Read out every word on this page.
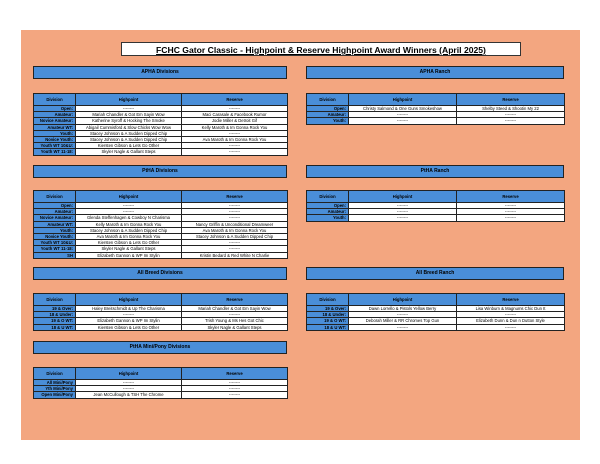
FCHC Gator Classic - Highpoint & Reserve Highpoint Award Winners (April 2025)
APHA Divisions
Division	Highpoint	Reserve
Open:	--------	--------
Amateur:	Mariah Chandler & Got Em Sayin Wow	Maci Carasale & Facebook Rumor
Novice Amateur:	Katherine Syroff & Hocking The Smoke	Jodie Miller & Detroit Gif
Amateur WT:	Abigail Cummisford & Slow Chicks Wow Wow	Kelly Maroth & Im Gonna Rock You
Youth:	Stacey Johnson & A Sudden Dipped Chip	--------
Novice Youth:	Stacey Johnson & A Sudden Dipped Chip	Ava Maroth & Im Gonna Rock You
Youth WT 10&U:	Kiersten Gibson & Lets Go Other	--------
Youth WT 11-18:	Skyler Nagle & Gallant Steps	--------
APHA Ranch
Division	Highpoint	Reserve
Open:	Christy Salmond & One Guns Smokeshow	Shelby Steed & Shootin My 22
Amateur:	--------	--------
Youth:	--------	--------
PtHA Divisions
Division	Highpoint	Reserve
Open:	--------	--------
Amateur:	--------	--------
Novice Amateur:	Glenda Steffenhagen & Cowboy N Charisma	--------
Amateur WT:	Kelly Maroth & Im Gonna Rock You	Nancy Griffin & Unconditional Dreamweer
Youth:	Stacey Johnson & A Sudden Dipped Chip	Ava Maroth & Im Gonna Rock You
Novice Youth:	Ava Maroth & Im Gonna Rock You	Stacey Johnson & A Sudden Dipped Chip
Youth WT 10&U:	Kiersten Gibson & Lets Go Other	--------
Youth WT 11-18:	Skyler Nagle & Gallant Steps	--------
SH	Elizabeth Gannon & WP Im Stylin	Kristin Bedard & Red White N Charlie
PtHA Ranch
Division	Highpoint	Reserve
Open:	--------	--------
Amateur:	--------	--------
Youth:	--------	--------
All Breed Divisions
Division	Highpoint	Reserve
19 & Over:	Haley Breitschmidt & Up The Charisma	Mariah Chandler & Got Em Sayin Wow
18 & Under:	--------	--------
19 & O WT:	Elizabeth Gannon & WP Im Stylin	Trish Young & Ms Hes Got Chic
18 & U WT:	Kiersten Gibson & Lets Go Other	Skyler Nagle & Gallant Steps
All Breed Ranch
Division	Highpoint	Reserve
19 & Over:	Dawn Lorrello & Pistols Yellow Berry	Lisa Winburn & Magnums Chic Dun It
18 & Under:	--------	--------
19 & O WT:	Deborah Miller & RR Chromes Top Gun	Elizabeth Dunn & Dun n Dutton Style
18 & U WT:	--------	--------
PtHA Mini/Pony Divisions
Division	Highpoint	Reserve
All Mini/Pony	--------	--------
Yth Mini/Pony	--------	--------
Open Mini/Pony	Jean McCullough & TSH The Chrome	--------
